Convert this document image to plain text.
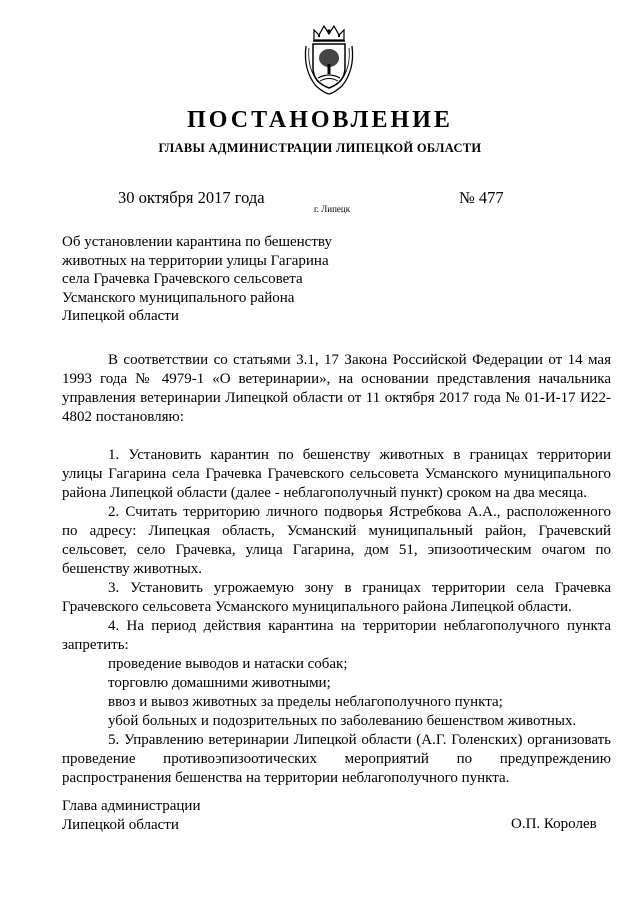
ПОСТАНОВЛЕНИЕ
ГЛАВЫ АДМИНИСТРАЦИИ ЛИПЕЦКОЙ ОБЛАСТИ
30 октября 2017 года
г. Липецк
№ 477
Об установлении карантина по бешенству
животных на территории улицы Гагарина
села Грачевка Грачевского сельсовета
Усманского муниципального района
Липецкой области

В соответствии со статьями 3.1, 17 Закона Российской Федерации от 14 мая 1993 года № 4979-1 «О ветеринарии», на основании представления начальника управления ветеринарии Липецкой области от 11 октября 2017 года № 01-И-17 И22-4802 постановляю:

1. Установить карантин по бешенству животных в границах территории улицы Гагарина села Грачевка Грачевского сельсовета Усманского муниципального района Липецкой области (далее - неблагополучный пункт) сроком на два месяца.

2. Считать территорию личного подворья Ястребкова А.А., расположенного по адресу: Липецкая область, Усманский муниципальный район, Грачевский сельсовет, село Грачевка, улица Гагарина, дом 51, эпизоотическим очагом по бешенству животных.

3. Установить угрожаемую зону в границах территории села Грачевка Грачевского сельсовета Усманского муниципального района Липецкой области.

4. На период действия карантина на территории неблагополучного пункта запретить:

проведение выводов и натаски собак;

торговлю домашними животными;

ввоз и вывоз животных за пределы неблагополучного пункта;

убой больных и подозрительных по заболеванию бешенством животных.

5. Управлению ветеринарии Липецкой области (А.Г. Голенских) организовать проведение противоэпизоотических мероприятий по предупреждению распространения бешенства на территории неблагополучного пункта.

Глава администрации
Липецкой области	О.П. Королев
